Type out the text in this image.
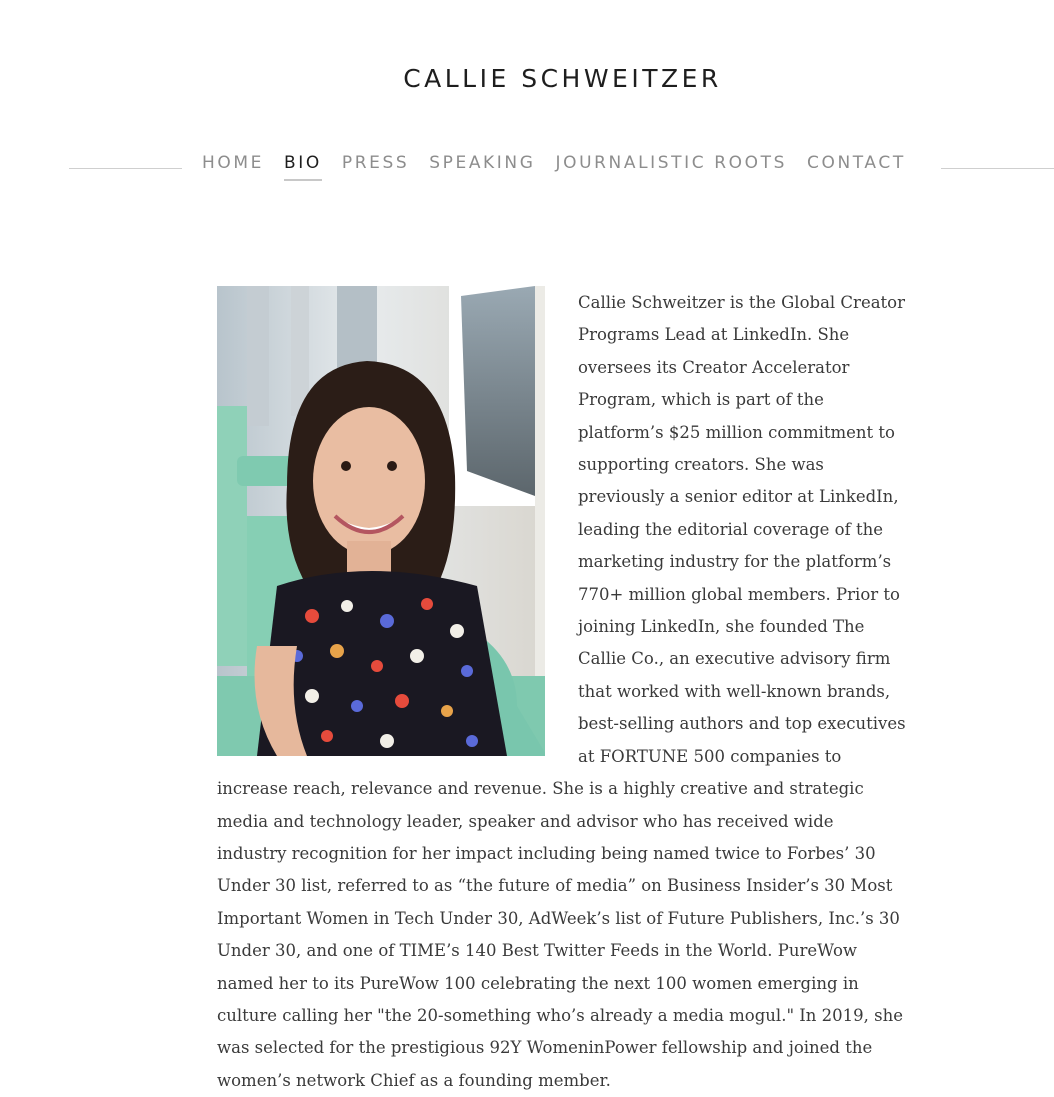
CALLIE SCHWEITZER
HOME	BIO	PRESS	SPEAKING	JOURNALISTIC ROOTS	CONTACT

Callie Schweitzer is the Global Creator Programs Lead at LinkedIn. She oversees its Creator Accelerator Program, which is part of the platform’s $25 million commitment to supporting creators. She was previously a senior editor at LinkedIn, leading the editorial coverage of the marketing industry for the platform’s 770+ million global members. Prior to joining LinkedIn, she founded The Callie Co., an executive advisory firm that worked with well-known brands, best-selling authors and top executives at FORTUNE 500 companies to increase reach, relevance and revenue. She is a highly creative and strategic media and technology leader, speaker and advisor who has received wide industry recognition for her impact including being named twice to Forbes’ 30 Under 30 list, referred to as “the future of media” on Business Insider’s 30 Most Important Women in Tech Under 30, AdWeek’s list of Future Publishers, Inc.’s 30 Under 30, and one of TIME’s 140 Best Twitter Feeds in the World. PureWow named her to its PureWow 100 celebrating the next 100 women emerging in culture calling her "the 20-something who’s already a media mogul." In 2019, she was selected for the prestigious 92Y WomeninPower fellowship and joined the women’s network Chief as a founding member.
